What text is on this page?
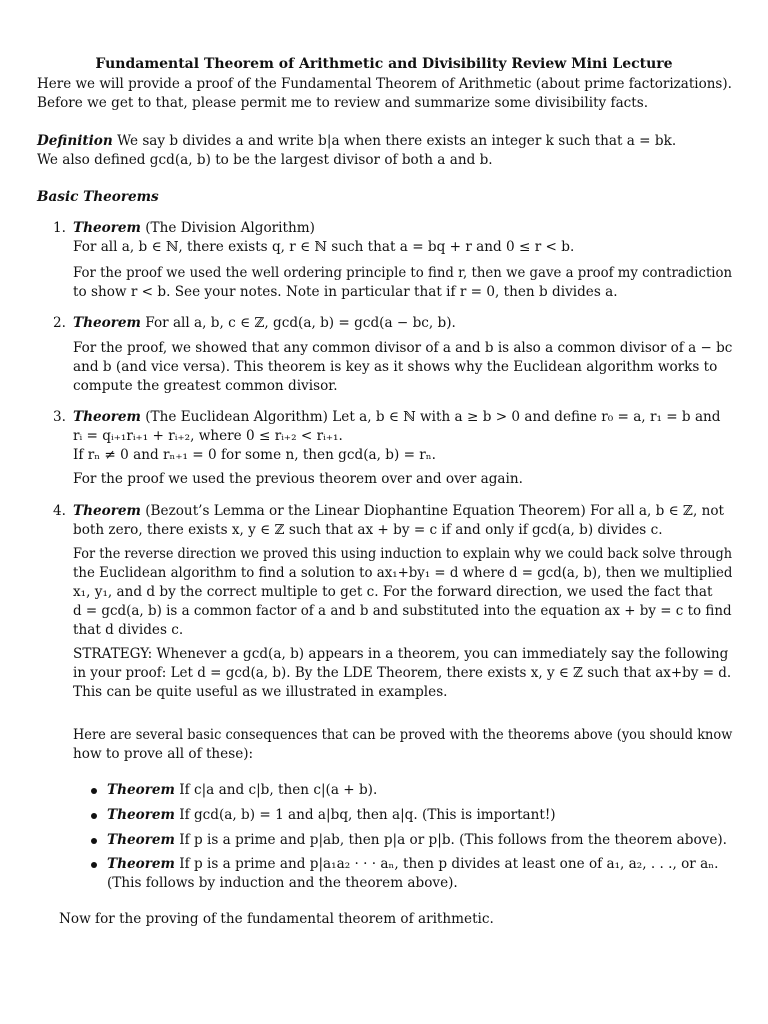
Fundamental Theorem of Arithmetic and Divisibility Review Mini Lecture
Here we will provide a proof of the Fundamental Theorem of Arithmetic (about prime factorizations).
Before we get to that, please permit me to review and summarize some divisibility facts.
Definition We say b divides a and write b|a when there exists an integer k such that a = bk.
We also defined gcd(a, b) to be the largest divisor of both a and b.
Basic Theorems
1. Theorem (The Division Algorithm)
For all a, b ∈ ℕ, there exists q, r ∈ ℕ such that a = bq + r and 0 ≤ r < b.
For the proof we used the well ordering principle to find r, then we gave a proof my contradiction
to show r < b. See your notes. Note in particular that if r = 0, then b divides a.
2. Theorem For all a, b, c ∈ ℤ, gcd(a, b) = gcd(a − bc, b).
For the proof, we showed that any common divisor of a and b is also a common divisor of a − bc
and b (and vice versa). This theorem is key as it shows why the Euclidean algorithm works to
compute the greatest common divisor.
3. Theorem (The Euclidean Algorithm) Let a, b ∈ ℕ with a ≥ b > 0 and define r₀ = a, r₁ = b and
rᵢ = qᵢ₊₁rᵢ₊₁ + rᵢ₊₂, where 0 ≤ rᵢ₊₂ < rᵢ₊₁.
If rₙ ≠ 0 and rₙ₊₁ = 0 for some n, then gcd(a, b) = rₙ.
For the proof we used the previous theorem over and over again.
4. Theorem (Bezout’s Lemma or the Linear Diophantine Equation Theorem) For all a, b ∈ ℤ, not
both zero, there exists x, y ∈ ℤ such that ax + by = c if and only if gcd(a, b) divides c.
For the reverse direction we proved this using induction to explain why we could back solve through
the Euclidean algorithm to find a solution to ax₁+by₁ = d where d = gcd(a, b), then we multiplied
x₁, y₁, and d by the correct multiple to get c. For the forward direction, we used the fact that
d = gcd(a, b) is a common factor of a and b and substituted into the equation ax + by = c to find
that d divides c.
STRATEGY: Whenever a gcd(a, b) appears in a theorem, you can immediately say the following
in your proof: Let d = gcd(a, b). By the LDE Theorem, there exists x, y ∈ ℤ such that ax+by = d.
This can be quite useful as we illustrated in examples.
Here are several basic consequences that can be proved with the theorems above (you should know
how to prove all of these):
Theorem If c|a and c|b, then c|(a + b).
Theorem If gcd(a, b) = 1 and a|bq, then a|q. (This is important!)
Theorem If p is a prime and p|ab, then p|a or p|b. (This follows from the theorem above).
Theorem If p is a prime and p|a₁a₂ · · · aₙ, then p divides at least one of a₁, a₂, . . ., or aₙ.
(This follows by induction and the theorem above).
Now for the proving of the fundamental theorem of arithmetic.
